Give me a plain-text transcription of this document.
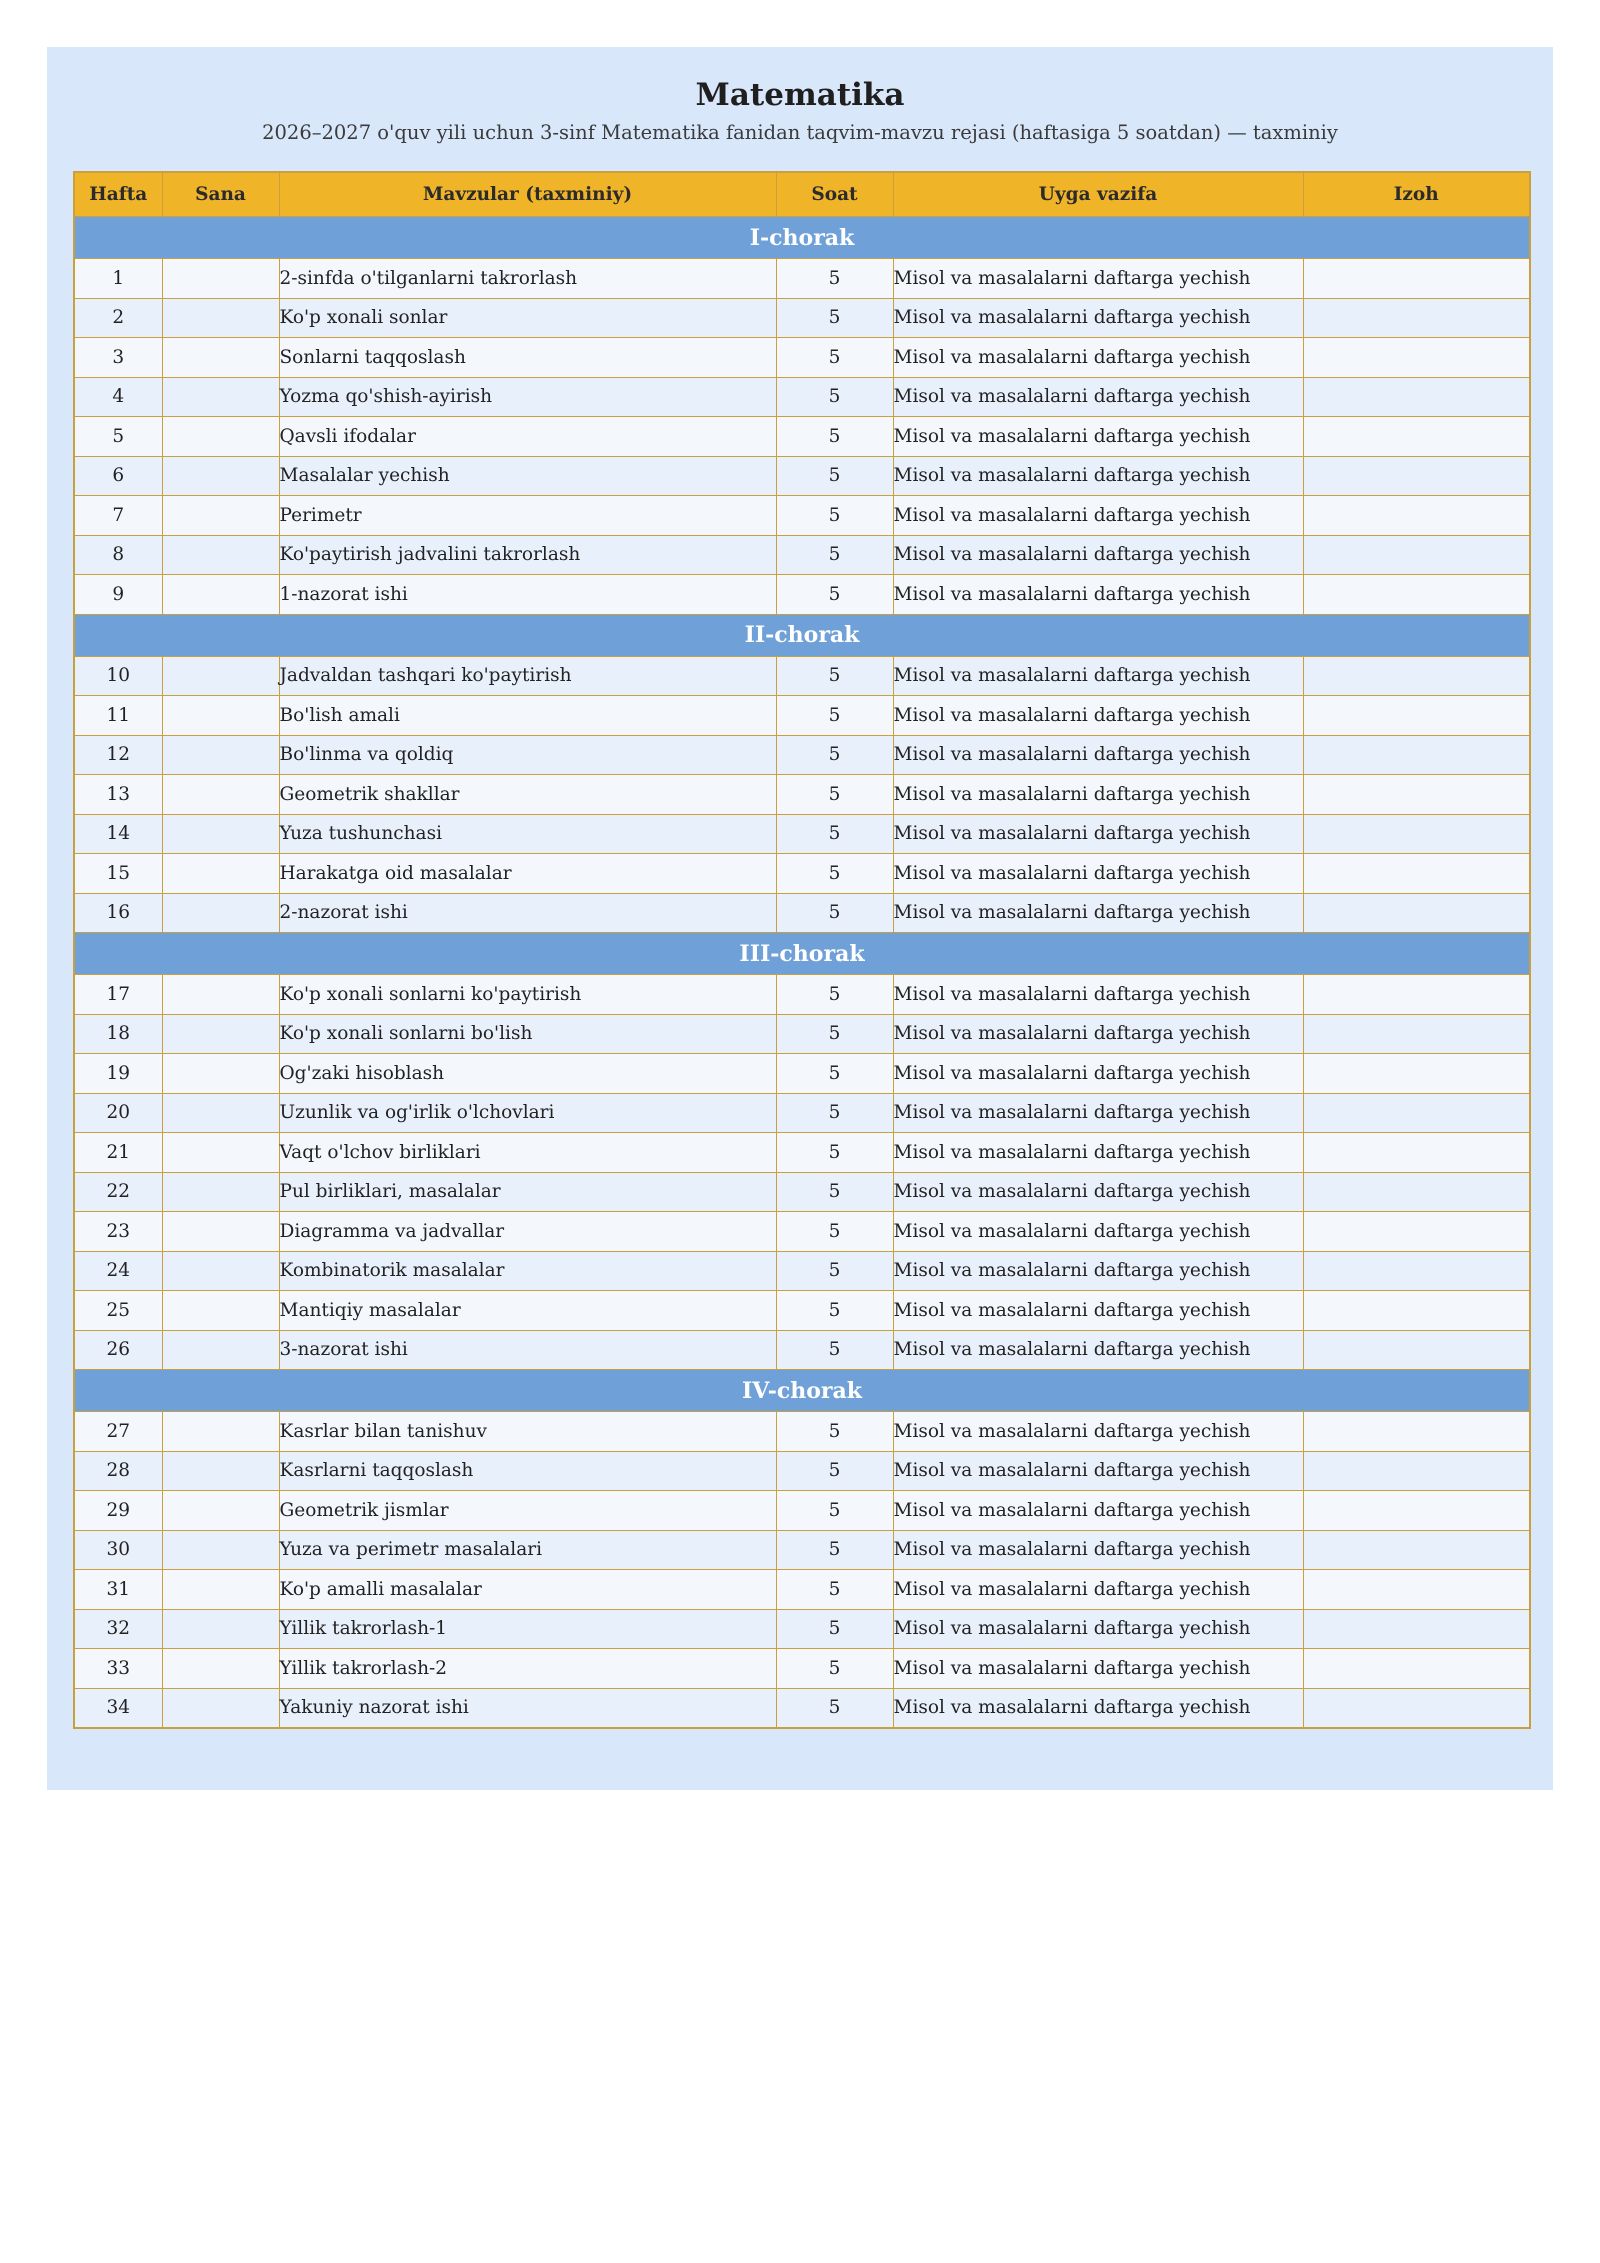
Matematika
2026–2027 o'quv yili uchun 3-sinf Matematika fanidan taqvim-mavzu rejasi (haftasiga 5 soatdan) — taxminiy
Hafta	Sana	Mavzular (taxminiy)	Soat	Uyga vazifa	Izoh
I-chorak					
1		2-sinfda o'tilganlarni takrorlash	5	Misol va masalalarni daftarga yechish	
2		Ko'p xonali sonlar	5	Misol va masalalarni daftarga yechish	
3		Sonlarni taqqoslash	5	Misol va masalalarni daftarga yechish	
4		Yozma qo'shish-ayirish	5	Misol va masalalarni daftarga yechish	
5		Qavsli ifodalar	5	Misol va masalalarni daftarga yechish	
6		Masalalar yechish	5	Misol va masalalarni daftarga yechish	
7		Perimetr	5	Misol va masalalarni daftarga yechish	
8		Ko'paytirish jadvalini takrorlash	5	Misol va masalalarni daftarga yechish	
9		1-nazorat ishi	5	Misol va masalalarni daftarga yechish	
II-chorak					
10		Jadvaldan tashqari ko'paytirish	5	Misol va masalalarni daftarga yechish	
11		Bo'lish amali	5	Misol va masalalarni daftarga yechish	
12		Bo'linma va qoldiq	5	Misol va masalalarni daftarga yechish	
13		Geometrik shakllar	5	Misol va masalalarni daftarga yechish	
14		Yuza tushunchasi	5	Misol va masalalarni daftarga yechish	
15		Harakatga oid masalalar	5	Misol va masalalarni daftarga yechish	
16		2-nazorat ishi	5	Misol va masalalarni daftarga yechish	
III-chorak					
17		Ko'p xonali sonlarni ko'paytirish	5	Misol va masalalarni daftarga yechish	
18		Ko'p xonali sonlarni bo'lish	5	Misol va masalalarni daftarga yechish	
19		Og'zaki hisoblash	5	Misol va masalalarni daftarga yechish	
20		Uzunlik va og'irlik o'lchovlari	5	Misol va masalalarni daftarga yechish	
21		Vaqt o'lchov birliklari	5	Misol va masalalarni daftarga yechish	
22		Pul birliklari, masalalar	5	Misol va masalalarni daftarga yechish	
23		Diagramma va jadvallar	5	Misol va masalalarni daftarga yechish	
24		Kombinatorik masalalar	5	Misol va masalalarni daftarga yechish	
25		Mantiqiy masalalar	5	Misol va masalalarni daftarga yechish	
26		3-nazorat ishi	5	Misol va masalalarni daftarga yechish	
IV-chorak					
27		Kasrlar bilan tanishuv	5	Misol va masalalarni daftarga yechish	
28		Kasrlarni taqqoslash	5	Misol va masalalarni daftarga yechish	
29		Geometrik jismlar	5	Misol va masalalarni daftarga yechish	
30		Yuza va perimetr masalalari	5	Misol va masalalarni daftarga yechish	
31		Ko'p amalli masalalar	5	Misol va masalalarni daftarga yechish	
32		Yillik takrorlash-1	5	Misol va masalalarni daftarga yechish	
33		Yillik takrorlash-2	5	Misol va masalalarni daftarga yechish	
34		Yakuniy nazorat ishi	5	Misol va masalalarni daftarga yechish	
